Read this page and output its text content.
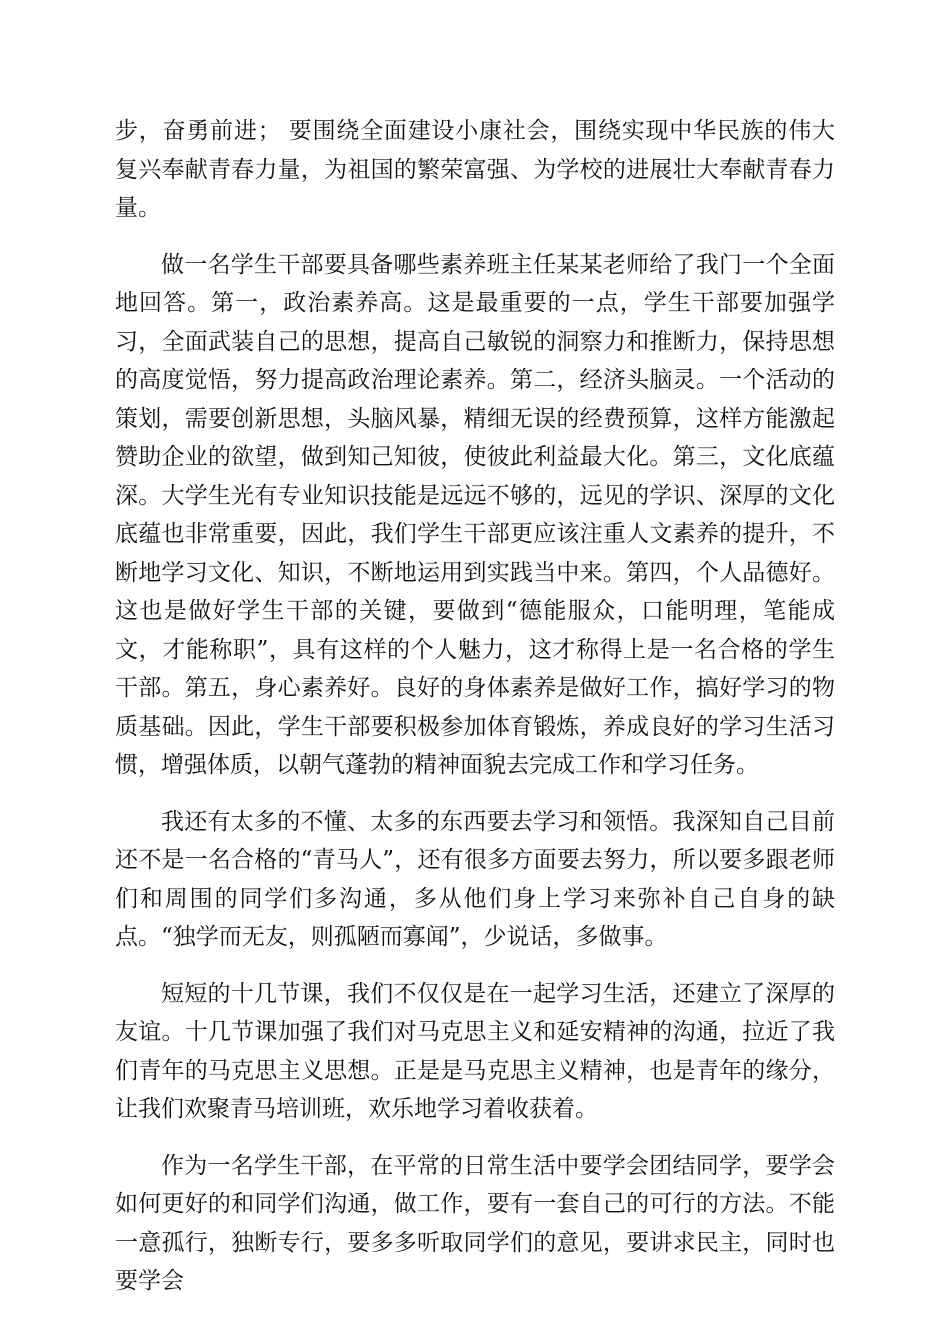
步，奋勇前进； 要围绕全面建设小康社会，围绕实现中华民族的伟大复兴奉献青春力量，为祖国的繁荣富强、为学校的进展壮大奉献青春力量。

做一名学生干部要具备哪些素养班主任某某老师给了我门一个全面地回答。第一，政治素养高。这是最重要的一点，学生干部要加强学习，全面武装自己的思想，提高自己敏锐的洞察力和推断力，保持思想的高度觉悟，努力提高政治理论素养。第二，经济头脑灵。一个活动的策划，需要创新思想，头脑风暴，精细无误的经费预算，这样方能激起赞助企业的欲望，做到知己知彼，使彼此利益最大化。第三，文化底蕴深。大学生光有专业知识技能是远远不够的，远见的学识、深厚的文化底蕴也非常重要，因此，我们学生干部更应该注重人文素养的提升，不断地学习文化、知识，不断地运用到实践当中来。第四，个人品德好。这也是做好学生干部的关键，要做到“德能服众，口能明理，笔能成文，才能称职”，具有这样的个人魅力，这才称得上是一名合格的学生干部。第五，身心素养好。良好的身体素养是做好工作，搞好学习的物质基础。因此，学生干部要积极参加体育锻炼，养成良好的学习生活习惯，增强体质，以朝气蓬勃的精神面貌去完成工作和学习任务。

我还有太多的不懂、太多的东西要去学习和领悟。我深知自己目前还不是一名合格的“青马人”，还有很多方面要去努力，所以要多跟老师们和周围的同学们多沟通，多从他们身上学习来弥补自己自身的缺点。“独学而无友，则孤陋而寡闻”，少说话，多做事。

短短的十几节课，我们不仅仅是在一起学习生活，还建立了深厚的友谊。十几节课加强了我们对马克思主义和延安精神的沟通，拉近了我们青年的马克思主义思想。正是是马克思主义精神，也是青年的缘分，让我们欢聚青马培训班，欢乐地学习着收获着。

作为一名学生干部，在平常的日常生活中要学会团结同学，要学会如何更好的和同学们沟通，做工作，要有一套自己的可行的方法。不能一意孤行，独断专行，要多多听取同学们的意见，要讲求民主，同时也要学会
